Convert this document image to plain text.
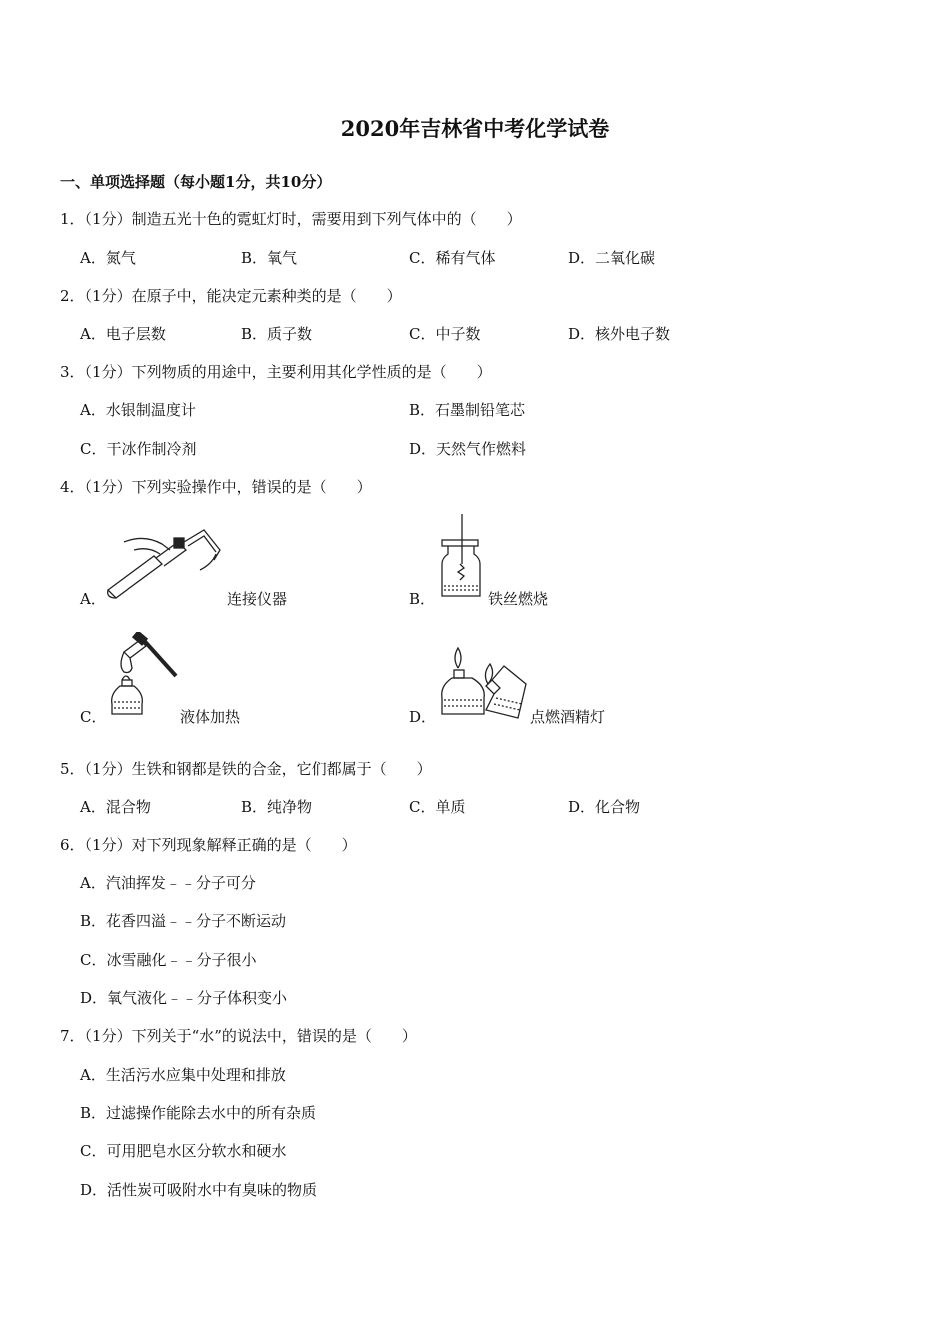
2020年吉林省中考化学试卷
一、单项选择题（每小题1分，共10分）
1．（1分）制造五光十色的霓虹灯时，需要用到下列气体中的（　　）
A．氮气	B．氧气	C．稀有气体	D．二氧化碳
2．（1分）在原子中，能决定元素种类的是（　　）
A．电子层数	B．质子数	C．中子数	D．核外电子数
3．（1分）下列物质的用途中，主要利用其化学性质的是（　　）
A．水银制温度计	B．石墨制铅笔芯
C．干冰作制冷剂	D．天然气作燃料
4．（1分）下列实验操作中，错误的是（　　）
A．	连接仪器	B．	铁丝燃烧
C．	液体加热	D．	点燃酒精灯
5．（1分）生铁和钢都是铁的合金，它们都属于（　　）
A．混合物	B．纯净物	C．单质	D．化合物
6．（1分）对下列现象解释正确的是（　　）
A．汽油挥发﹣﹣分子可分
B．花香四溢﹣﹣分子不断运动
C．冰雪融化﹣﹣分子很小
D．氧气液化﹣﹣分子体积变小
7．（1分）下列关于“水”的说法中，错误的是（　　）
A．生活污水应集中处理和排放
B．过滤操作能除去水中的所有杂质
C．可用肥皂水区分软水和硬水
D．活性炭可吸附水中有臭味的物质
